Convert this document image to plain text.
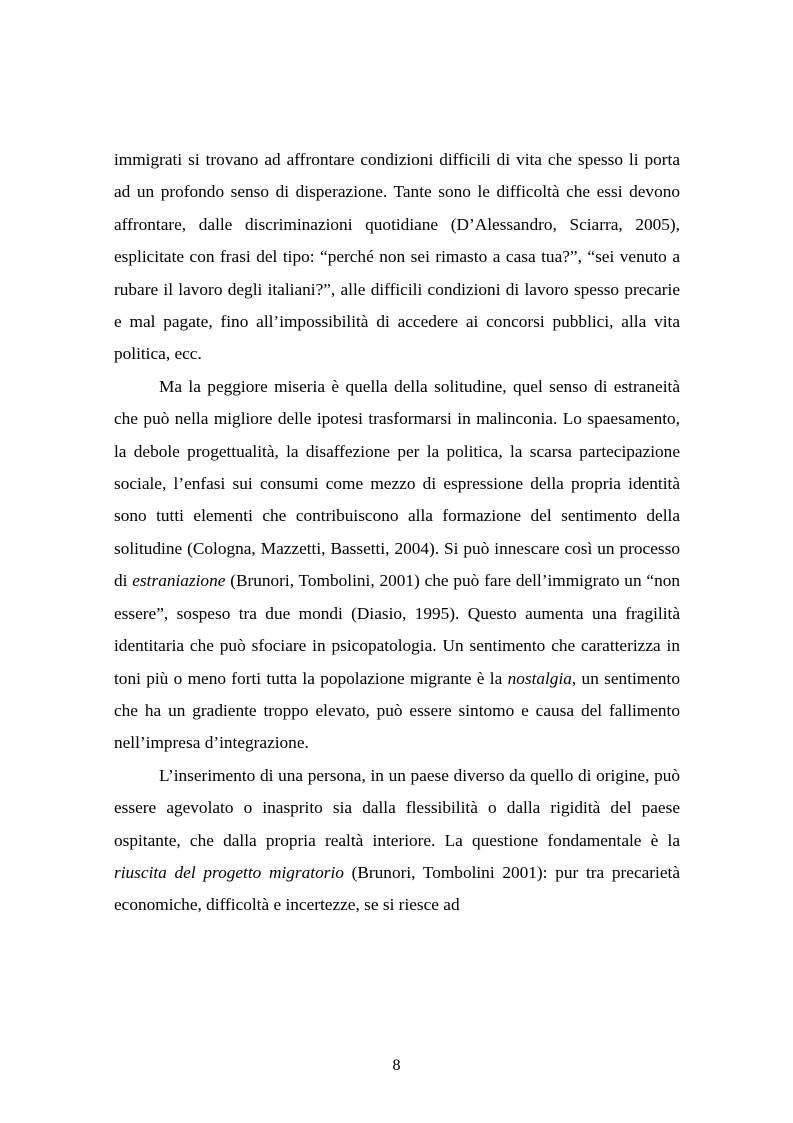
immigrati si trovano ad affrontare condizioni difficili di vita che spesso li porta ad un profondo senso di disperazione. Tante sono le difficoltà che essi devono affrontare, dalle discriminazioni quotidiane (D’Alessandro, Sciarra, 2005), esplicitate con frasi del tipo: “perché non sei rimasto a casa tua?”, “sei venuto a rubare il lavoro degli italiani?”, alle difficili condizioni di lavoro spesso precarie e mal pagate, fino all’impossibilità di accedere ai concorsi pubblici, alla vita politica, ecc.

Ma la peggiore miseria è quella della solitudine, quel senso di estraneità che può nella migliore delle ipotesi trasformarsi in malinconia. Lo spaesamento, la debole progettualità, la disaffezione per la politica, la scarsa partecipazione sociale, l’enfasi sui consumi come mezzo di espressione della propria identità sono tutti elementi che contribuiscono alla formazione del sentimento della solitudine (Cologna, Mazzetti, Bassetti, 2004). Si può innescare così un processo di estraniazione (Brunori, Tombolini, 2001) che può fare dell’immigrato un “non essere”, sospeso tra due mondi (Diasio, 1995). Questo aumenta una fragilità identitaria che può sfociare in psicopatologia. Un sentimento che caratterizza in toni più o meno forti tutta la popolazione migrante è la nostalgia, un sentimento che ha un gradiente troppo elevato, può essere sintomo e causa del fallimento nell’impresa d’integrazione.

L’inserimento di una persona, in un paese diverso da quello di origine, può essere agevolato o inasprito sia dalla flessibilità o dalla rigidità del paese ospitante, che dalla propria realtà interiore. La questione fondamentale è la riuscita del progetto migratorio (Brunori, Tombolini 2001): pur tra precarietà economiche, difficoltà e incertezze, se si riesce ad

8
